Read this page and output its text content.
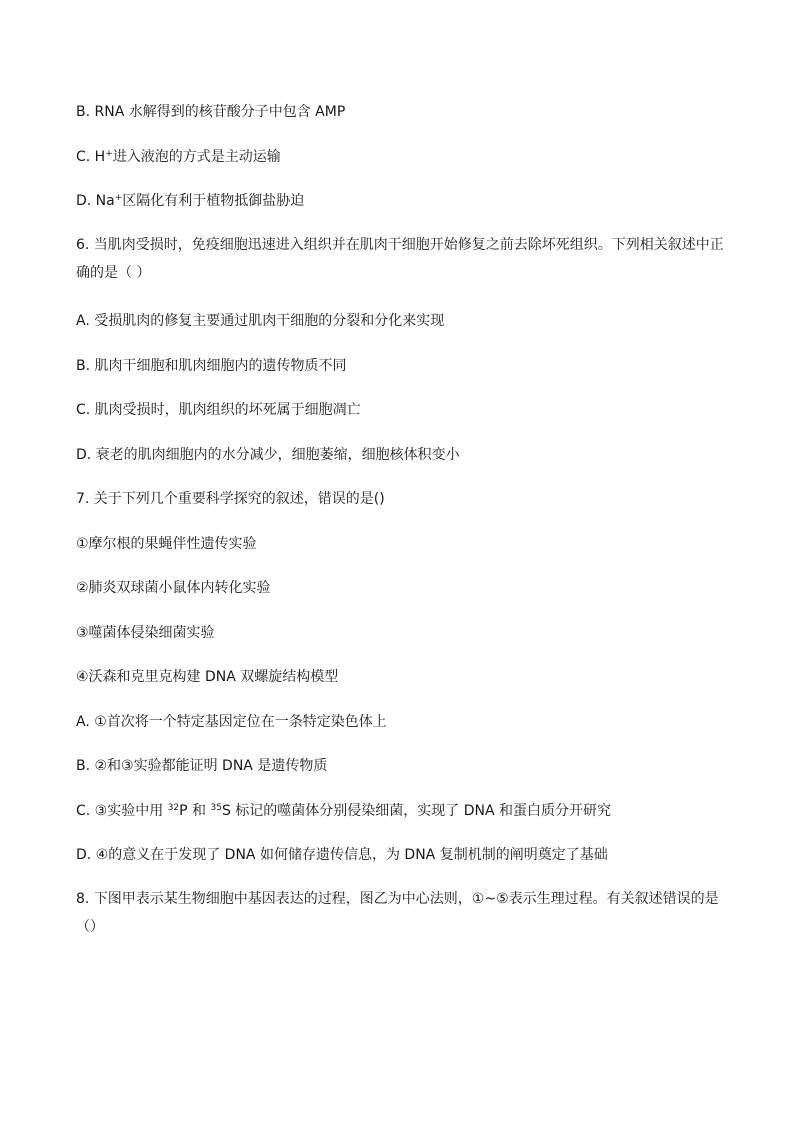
B. RNA 水解得到的核苷酸分子中包含 AMP
C. H+进入液泡的方式是主动运输
D. Na+区隔化有利于植物抵御盐胁迫
6. 当肌肉受损时，免疫细胞迅速进入组织并在肌肉干细胞开始修复之前去除坏死组织。下列相关叙述中正确的是（ ）
A. 受损肌肉的修复主要通过肌肉干细胞的分裂和分化来实现
B. 肌肉干细胞和肌肉细胞内的遗传物质不同
C. 肌肉受损时，肌肉组织的坏死属于细胞凋亡
D. 衰老的肌肉细胞内的水分减少，细胞萎缩，细胞核体积变小
7. 关于下列几个重要科学探究的叙述，错误的是()
①摩尔根的果蝇伴性遗传实验
②肺炎双球菌小鼠体内转化实验
③噬菌体侵染细菌实验
④沃森和克里克构建 DNA 双螺旋结构模型
A. ①首次将一个特定基因定位在一条特定染色体上
B. ②和③实验都能证明 DNA 是遗传物质
C. ③实验中用 $^{32}$P 和 $^{35}$S 标记的噬菌体分别侵染细菌，实现了 DNA 和蛋白质分开研究
D. ④的意义在于发现了 DNA 如何储存遗传信息，为 DNA 复制机制的阐明奠定了基础
8. 下图甲表示某生物细胞中基因表达的过程，图乙为中心法则，①~⑤表示生理过程。有关叙述错误的是（）
